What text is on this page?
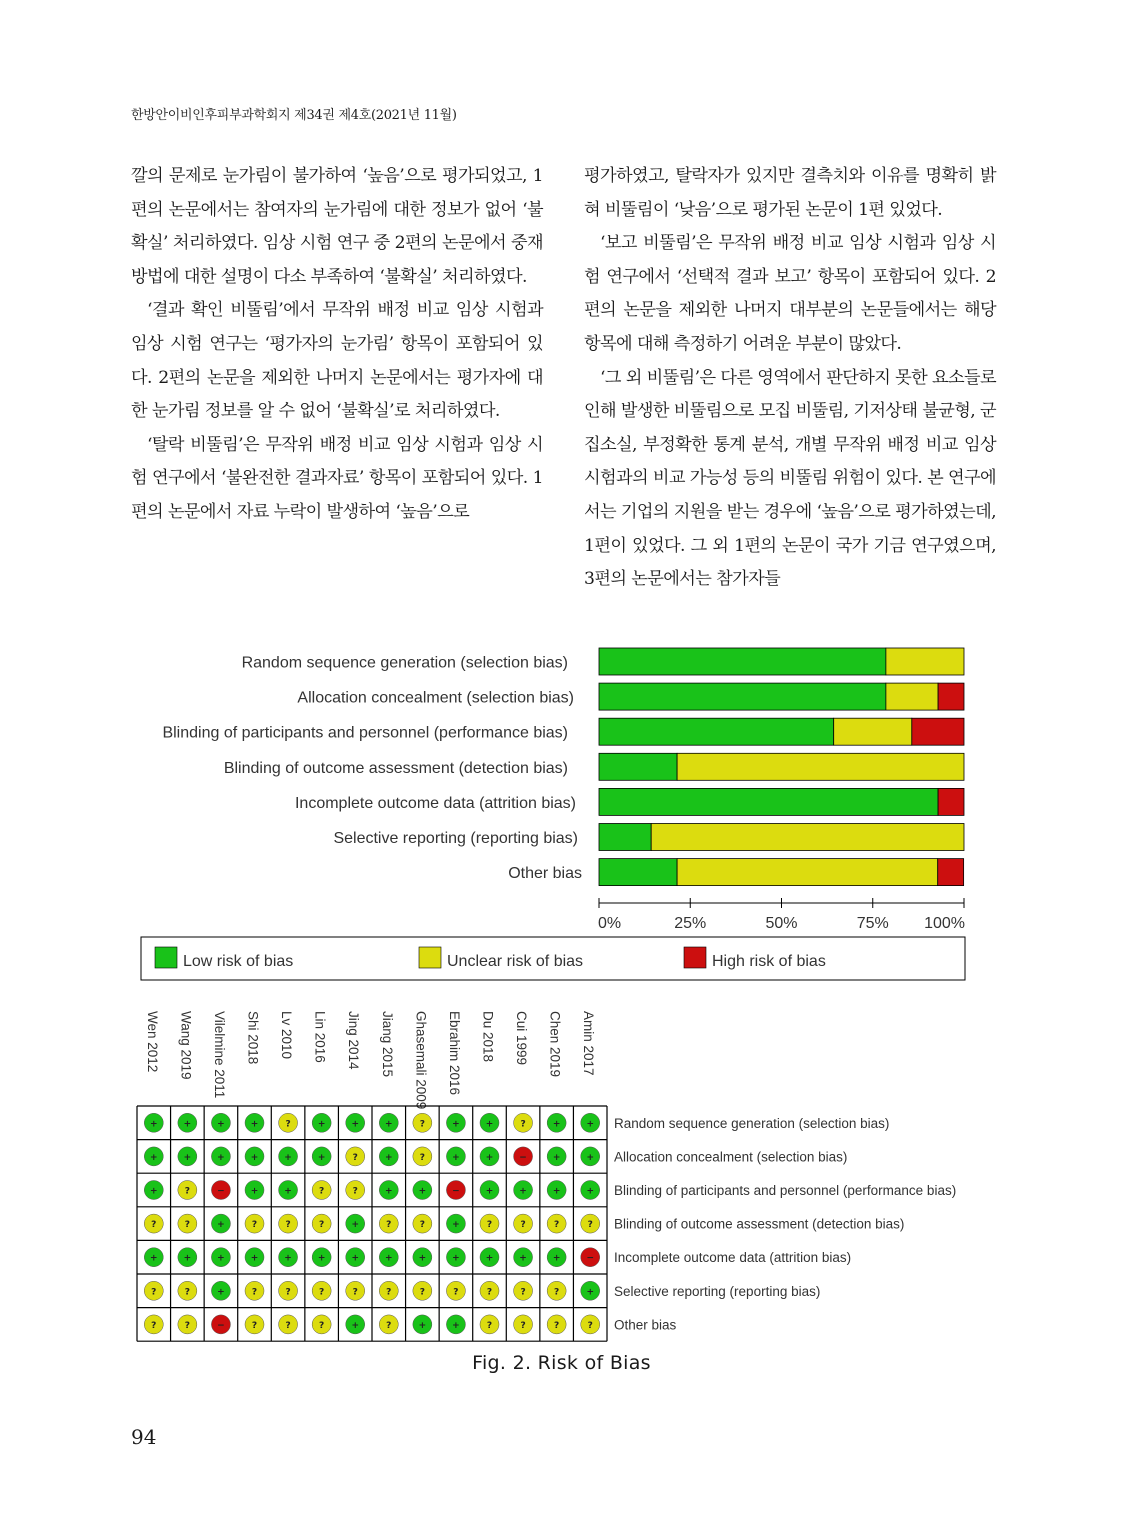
한방안이비인후피부과학회지 제34권 제4호(2021년 11월)

깔의 문제로 눈가림이 불가하여 ‘높음’으로 평가되었고, 1편의 논문에서는 참여자의 눈가림에 대한 정보가 없어 ‘불확실’ 처리하였다. 임상 시험 연구 중 2편의 논문에서 중재 방법에 대한 설명이 다소 부족하여 ‘불확실’ 처리하였다.

‘결과 확인 비뚤림’에서 무작위 배정 비교 임상 시험과 임상 시험 연구는 ‘평가자의 눈가림’ 항목이 포함되어 있다. 2편의 논문을 제외한 나머지 논문에서는 평가자에 대한 눈가림 정보를 알 수 없어 ‘불확실’로 처리하였다.

‘탈락 비뚤림’은 무작위 배정 비교 임상 시험과 임상 시험 연구에서 ‘불완전한 결과자료’ 항목이 포함되어 있다. 1편의 논문에서 자료 누락이 발생하여 ‘높음’으로

평가하였고, 탈락자가 있지만 결측치와 이유를 명확히 밝혀 비뚤림이 ‘낮음’으로 평가된 논문이 1편 있었다.

‘보고 비뚤림’은 무작위 배정 비교 임상 시험과 임상 시험 연구에서 ‘선택적 결과 보고’ 항목이 포함되어 있다. 2편의 논문을 제외한 나머지 대부분의 논문들에서는 해당 항목에 대해 측정하기 어려운 부분이 많았다.

‘그 외 비뚤림’은 다른 영역에서 판단하지 못한 요소들로 인해 발생한 비뚤림으로 모집 비뚤림, 기저상태 불균형, 군집소실, 부정확한 통계 분석, 개별 무작위 배정 비교 임상 시험과의 비교 가능성 등의 비뚤림 위험이 있다. 본 연구에서는 기업의 지원을 받는 경우에 ‘높음’으로 평가하였는데, 1편이 있었다. 그 외 1편의 논문이 국가 기금 연구였으며, 3편의 논문에서는 참가자들

Random sequence generation (selection bias)
Allocation concealment (selection bias)
Blinding of participants and personnel (performance bias)
Blinding of outcome assessment (detection bias)
Incomplete outcome data (attrition bias)
Selective reporting (reporting bias)
Other bias
0%	25%	50%	75% 100%
Low risk of bias	Unclear risk of bias	High risk of bias
Wen 2012 Wang 2019 Vilelmine 2011 Shi 2018 Lv 2010 Lin 2016 Jing 2014 Jiang 2015 Ghasemali 2009 Ebrahim 2016 Du 2018 Cui 1999 Chen 2019 Amin 2017
+	+	+	+	?	+	+	+	?	+	+	?	+	+
+	+	+	+	+	+	?	+	?	+	+	−	+	+
+	?	−	+	+	?	?	+	+	−	+	+	+	+
?	?	+	?	?	?	+	?	?	+	?	?	?	?
+	+	+	+	+	+	+	+	+	+	+	+	+	−
?	?	+	?	?	?	?	?	?	?	?	?	?	+
?	?	−	?	?	?	+	?	+	+	?	?	?	?
Random sequence generation (selection bias)
Allocation concealment (selection bias)
Blinding of participants and personnel (performance bias)
Blinding of outcome assessment (detection bias)
Incomplete outcome data (attrition bias)
Selective reporting (reporting bias)
Other bias
Fig. 2. Risk of Bias
94
